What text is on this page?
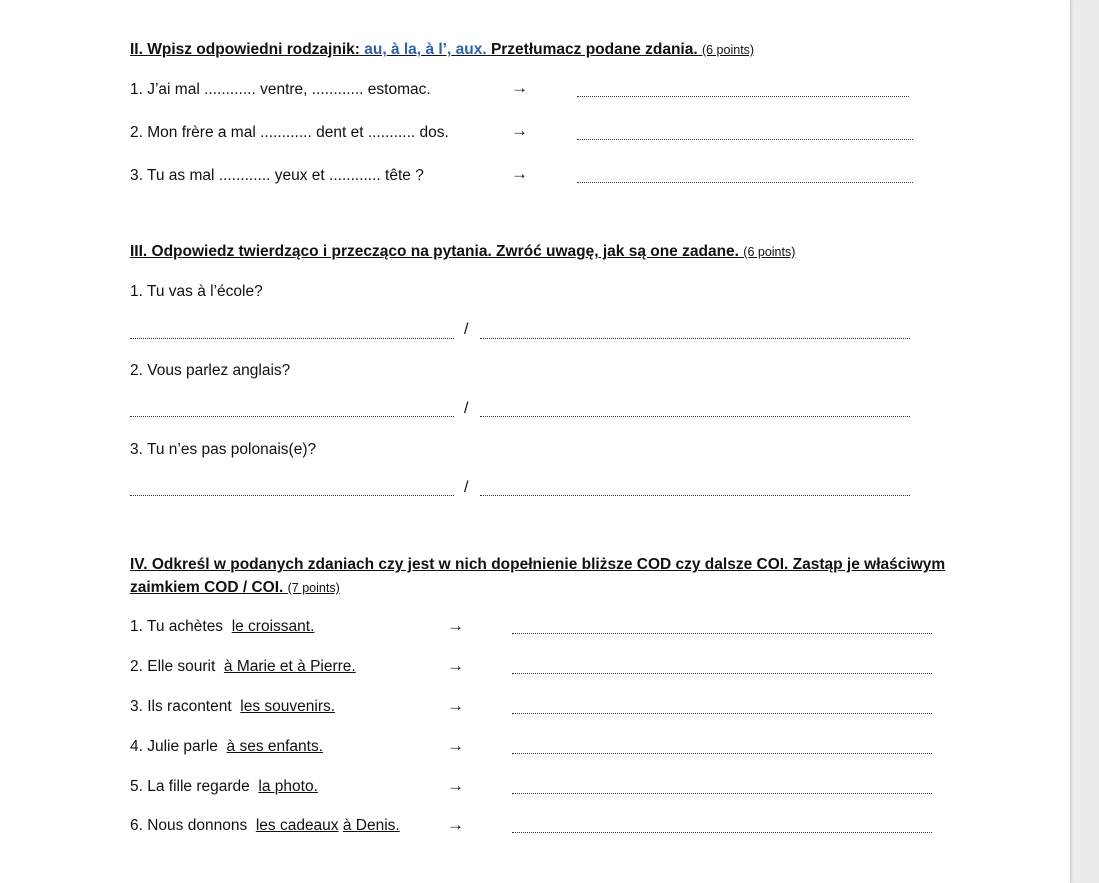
II. Wpisz odpowiedni rodzajnik: au, à la, à l’, aux. Przetłumacz podane zdania. (6 points)
1. J’ai mal ............ ventre, ............ estomac.	→
2. Mon frère a mal ............ dent et ........... dos.	→
3. Tu as mal ............ yeux et ............ tête ?	→
III. Odpowiedz twierdząco i przecząco na pytania. Zwróć uwagę, jak są one zadane. (6 points)
1. Tu vas à l’école?
/
2. Vous parlez anglais?
/
3. Tu n’es pas polonais(e)?
/
IV. Odkreśl w podanych zdaniach czy jest w nich dopełnienie bliższe COD czy dalsze COI. Zastąp je właściwym
zaimkiem COD / COI. (7 points)
1. Tu achètes le croissant.	→
2. Elle sourit à Marie et à Pierre.	→
3. Ils racontent les souvenirs.	→
4. Julie parle à ses enfants.	→
5. La fille regarde la photo.	→
6. Nous donnons les cadeaux à Denis.	→
